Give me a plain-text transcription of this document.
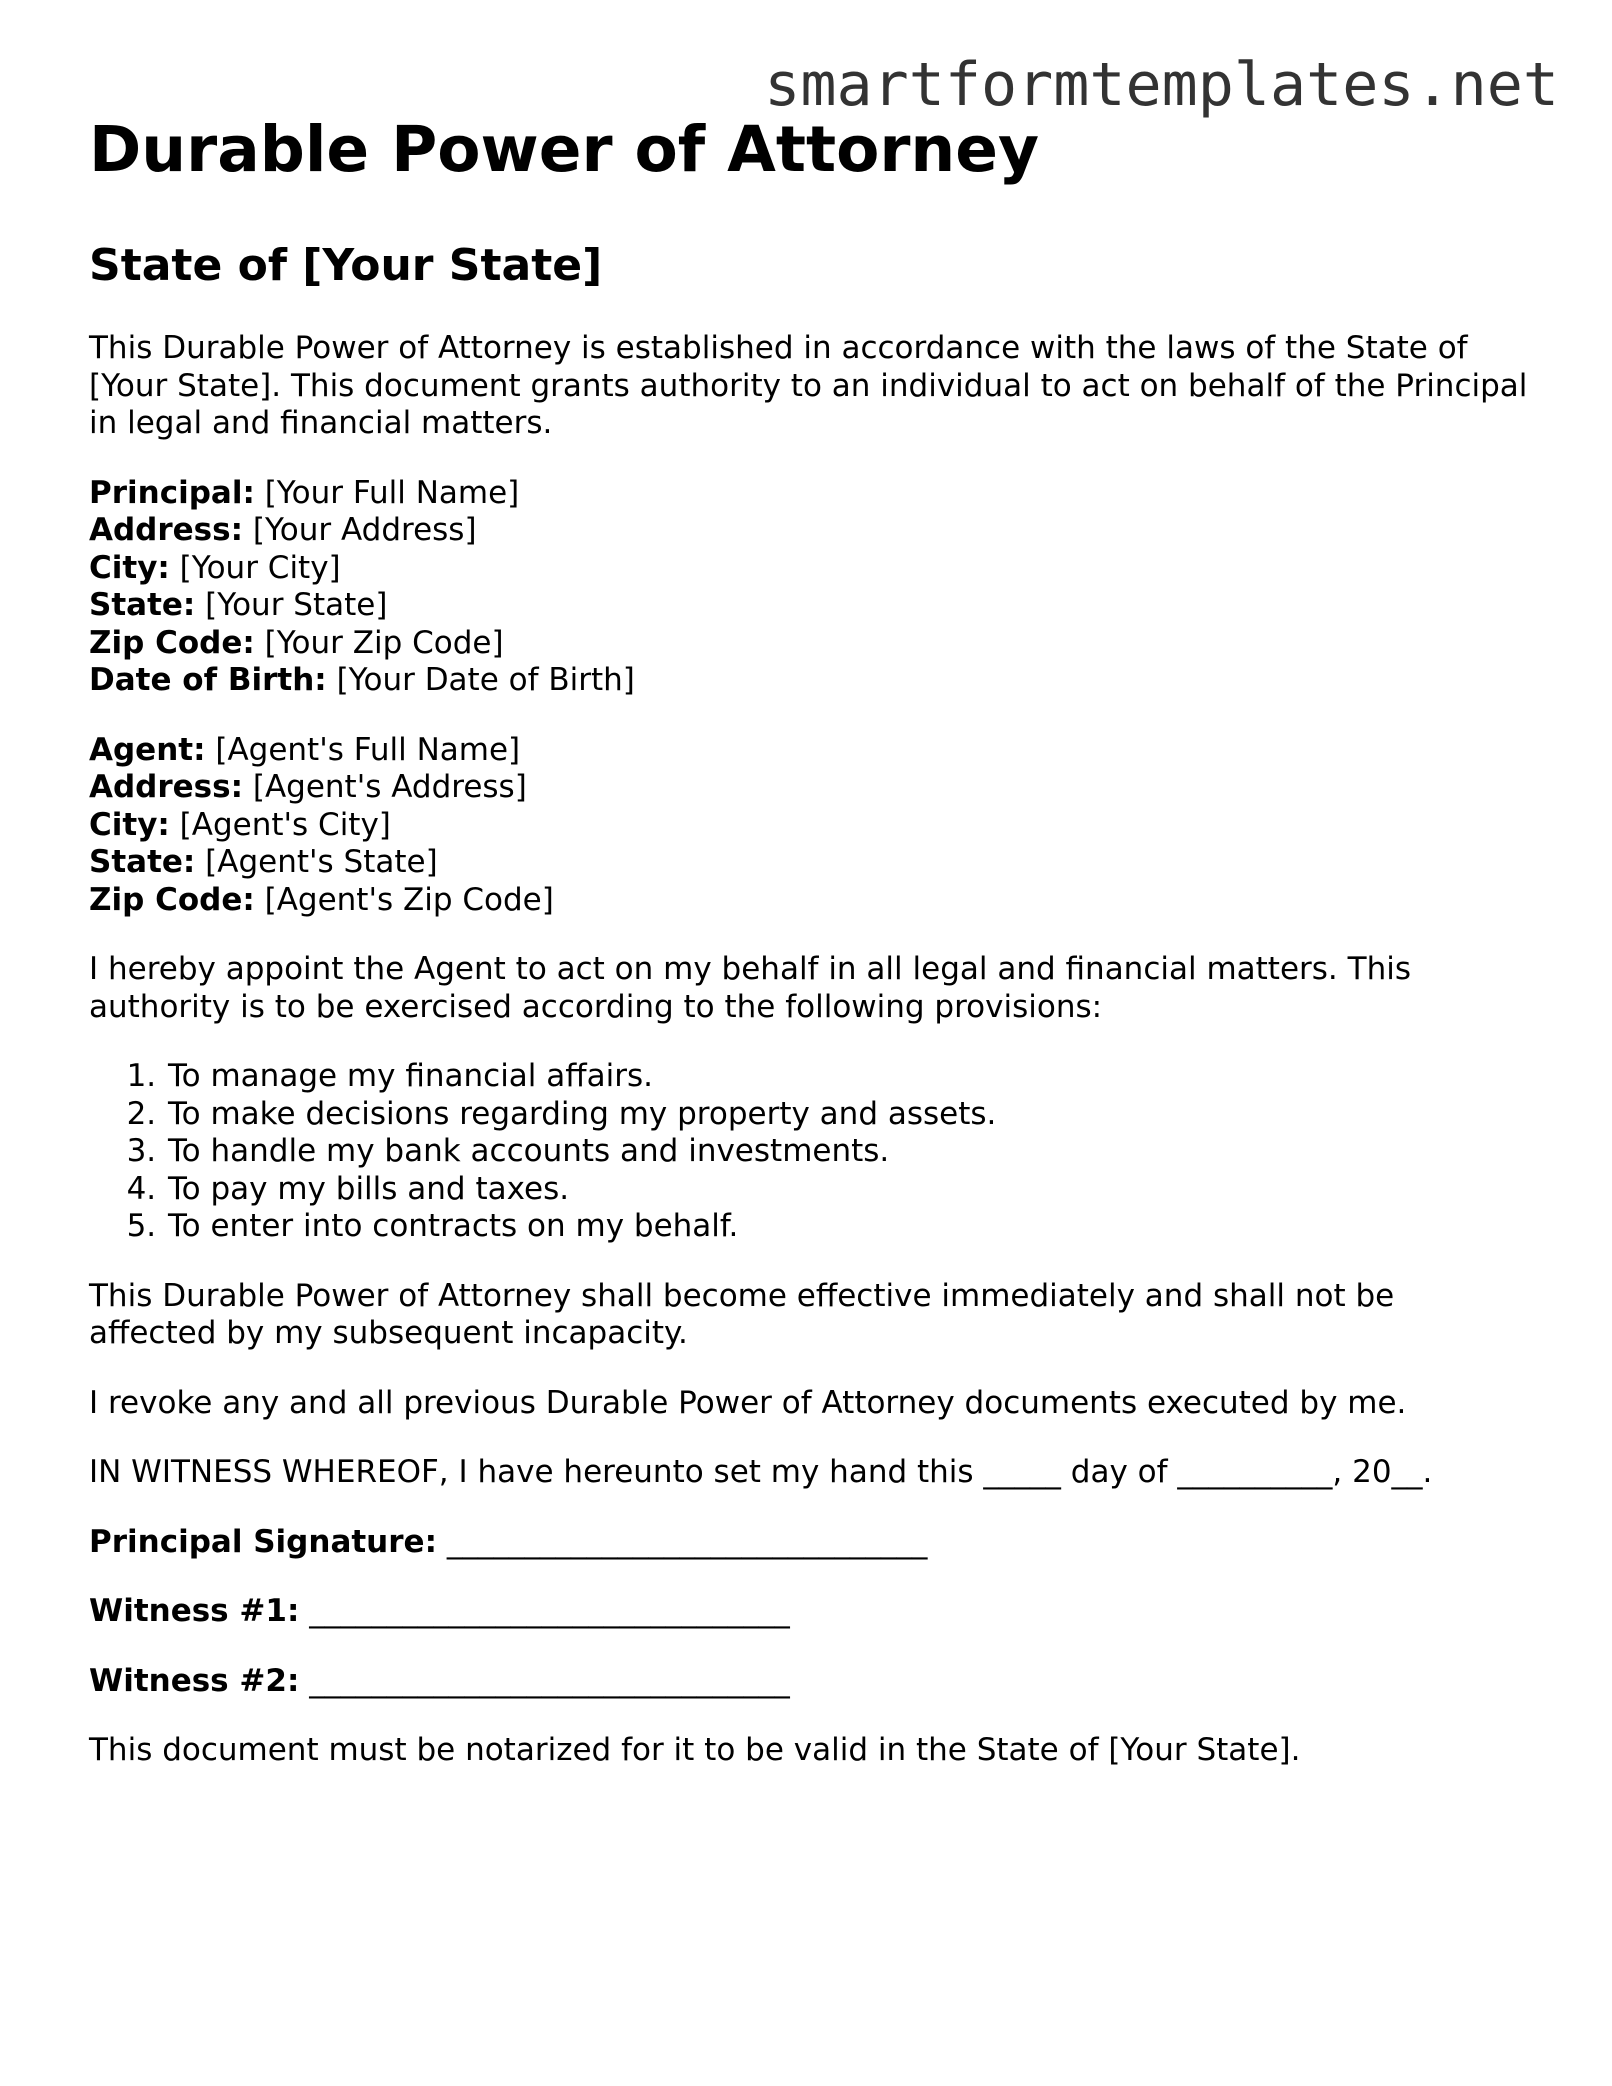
smartformtemplates.net
Durable Power of Attorney
State of [Your State]

This Durable Power of Attorney is established in accordance with the laws of the State of [Your State]. This document grants authority to an individual to act on behalf of the Principal in legal and financial matters.

Principal: [Your Full Name]
Address: [Your Address]
City: [Your City]
State: [Your State]
Zip Code: [Your Zip Code]
Date of Birth: [Your Date of Birth]
Agent: [Agent's Full Name]
Address: [Agent's Address]
City: [Agent's City]
State: [Agent's State]
Zip Code: [Agent's Zip Code]

I hereby appoint the Agent to act on my behalf in all legal and financial matters. This authority is to be exercised according to the following provisions:

1. To manage my financial affairs.
2. To make decisions regarding my property and assets.
3. To handle my bank accounts and investments.
4. To pay my bills and taxes.
5. To enter into contracts on my behalf.

This Durable Power of Attorney shall become effective immediately and shall not be affected by my subsequent incapacity.

I revoke any and all previous Durable Power of Attorney documents executed by me.

IN WITNESS WHEREOF, I have hereunto set my hand this _____ day of __________, 20__.

Principal Signature: _______________________________
Witness #1: _______________________________
Witness #2: _______________________________

This document must be notarized for it to be valid in the State of [Your State].
